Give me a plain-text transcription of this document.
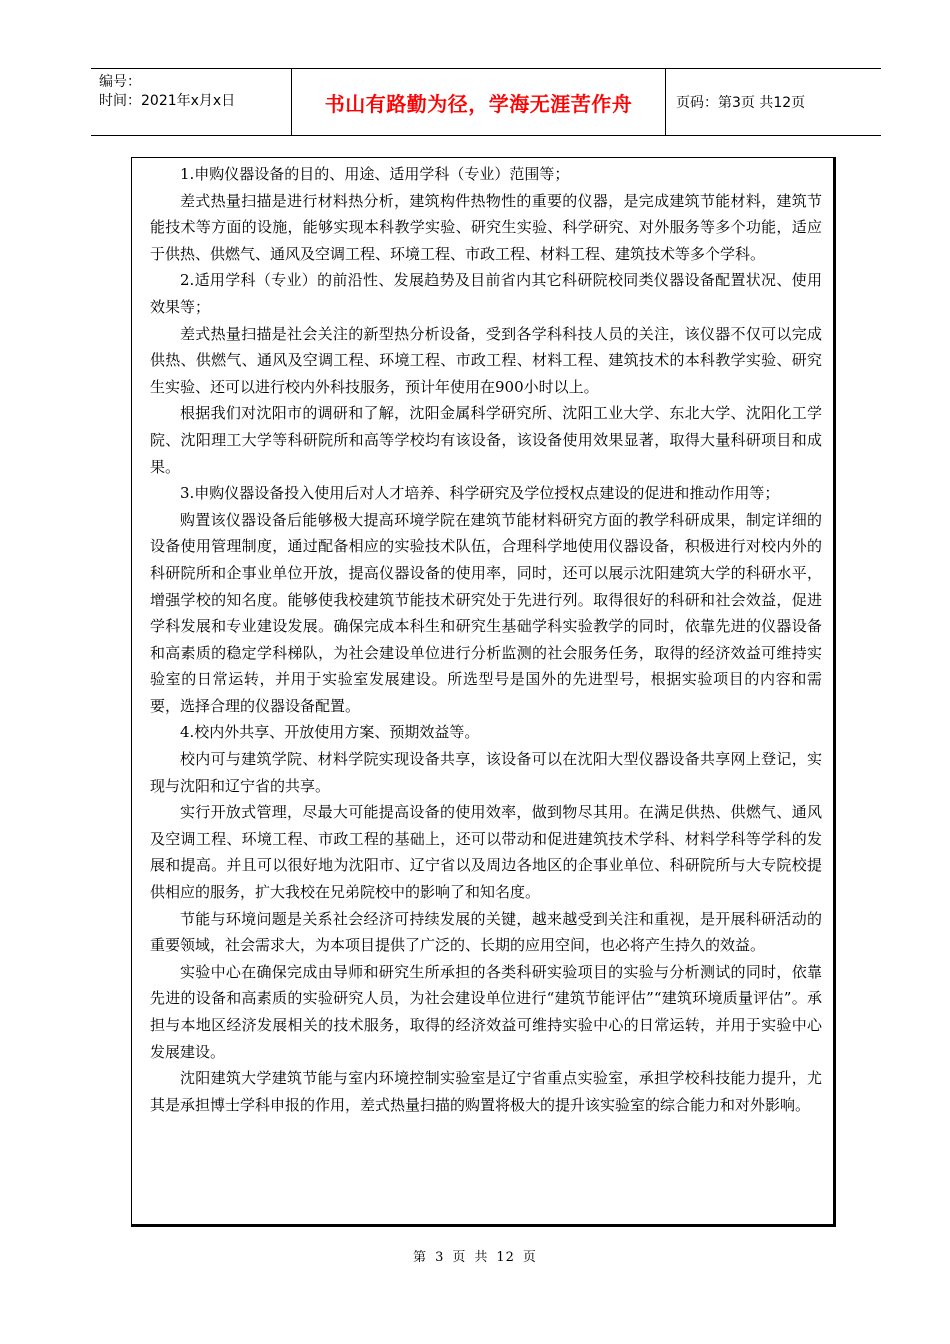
编号：
时间：2021年x月x日	书山有路勤为径，学海无涯苦作舟	页码：第3页 共12页

1.申购仪器设备的目的、用途、适用学科（专业）范围等；

差式热量扫描是进行材料热分析，建筑构件热物性的重要的仪器，是完成建筑节能材料，建筑节能技术等方面的设施，能够实现本科教学实验、研究生实验、科学研究、对外服务等多个功能，适应于供热、供燃气、通风及空调工程、环境工程、市政工程、材料工程、建筑技术等多个学科。

2.适用学科（专业）的前沿性、发展趋势及目前省内其它科研院校同类仪器设备配置状况、使用效果等；

差式热量扫描是社会关注的新型热分析设备，受到各学科科技人员的关注，该仪器不仅可以完成供热、供燃气、通风及空调工程、环境工程、市政工程、材料工程、建筑技术的本科教学实验、研究生实验、还可以进行校内外科技服务，预计年使用在900小时以上。

根据我们对沈阳市的调研和了解，沈阳金属科学研究所、沈阳工业大学、东北大学、沈阳化工学院、沈阳理工大学等科研院所和高等学校均有该设备，该设备使用效果显著，取得大量科研项目和成果。

3.申购仪器设备投入使用后对人才培养、科学研究及学位授权点建设的促进和推动作用等；

购置该仪器设备后能够极大提高环境学院在建筑节能材料研究方面的教学科研成果，制定详细的设备使用管理制度，通过配备相应的实验技术队伍，合理科学地使用仪器设备，积极进行对校内外的科研院所和企事业单位开放，提高仪器设备的使用率，同时，还可以展示沈阳建筑大学的科研水平，增强学校的知名度。能够使我校建筑节能技术研究处于先进行列。取得很好的科研和社会效益，促进学科发展和专业建设发展。确保完成本科生和研究生基础学科实验教学的同时，依靠先进的仪器设备和高素质的稳定学科梯队，为社会建设单位进行分析监测的社会服务任务，取得的经济效益可维持实验室的日常运转，并用于实验室发展建设。所选型号是国外的先进型号，根据实验项目的内容和需要，选择合理的仪器设备配置。

4.校内外共享、开放使用方案、预期效益等。

校内可与建筑学院、材料学院实现设备共享，该设备可以在沈阳大型仪器设备共享网上登记，实现与沈阳和辽宁省的共享。

实行开放式管理，尽最大可能提高设备的使用效率，做到物尽其用。在满足供热、供燃气、通风及空调工程、环境工程、市政工程的基础上，还可以带动和促进建筑技术学科、材料学科等学科的发展和提高。并且可以很好地为沈阳市、辽宁省以及周边各地区的企事业单位、科研院所与大专院校提供相应的服务，扩大我校在兄弟院校中的影响了和知名度。

节能与环境问题是关系社会经济可持续发展的关键，越来越受到关注和重视，是开展科研活动的重要领域，社会需求大，为本项目提供了广泛的、长期的应用空间，也必将产生持久的效益。

实验中心在确保完成由导师和研究生所承担的各类科研实验项目的实验与分析测试的同时，依靠先进的设备和高素质的实验研究人员，为社会建设单位进行“建筑节能评估”“建筑环境质量评估”。承担与本地区经济发展相关的技术服务，取得的经济效益可维持实验中心的日常运转，并用于实验中心发展建设。

沈阳建筑大学建筑节能与室内环境控制实验室是辽宁省重点实验室，承担学校科技能力提升，尤其是承担博士学科申报的作用，差式热量扫描的购置将极大的提升该实验室的综合能力和对外影响。

第 3 页 共 12 页
